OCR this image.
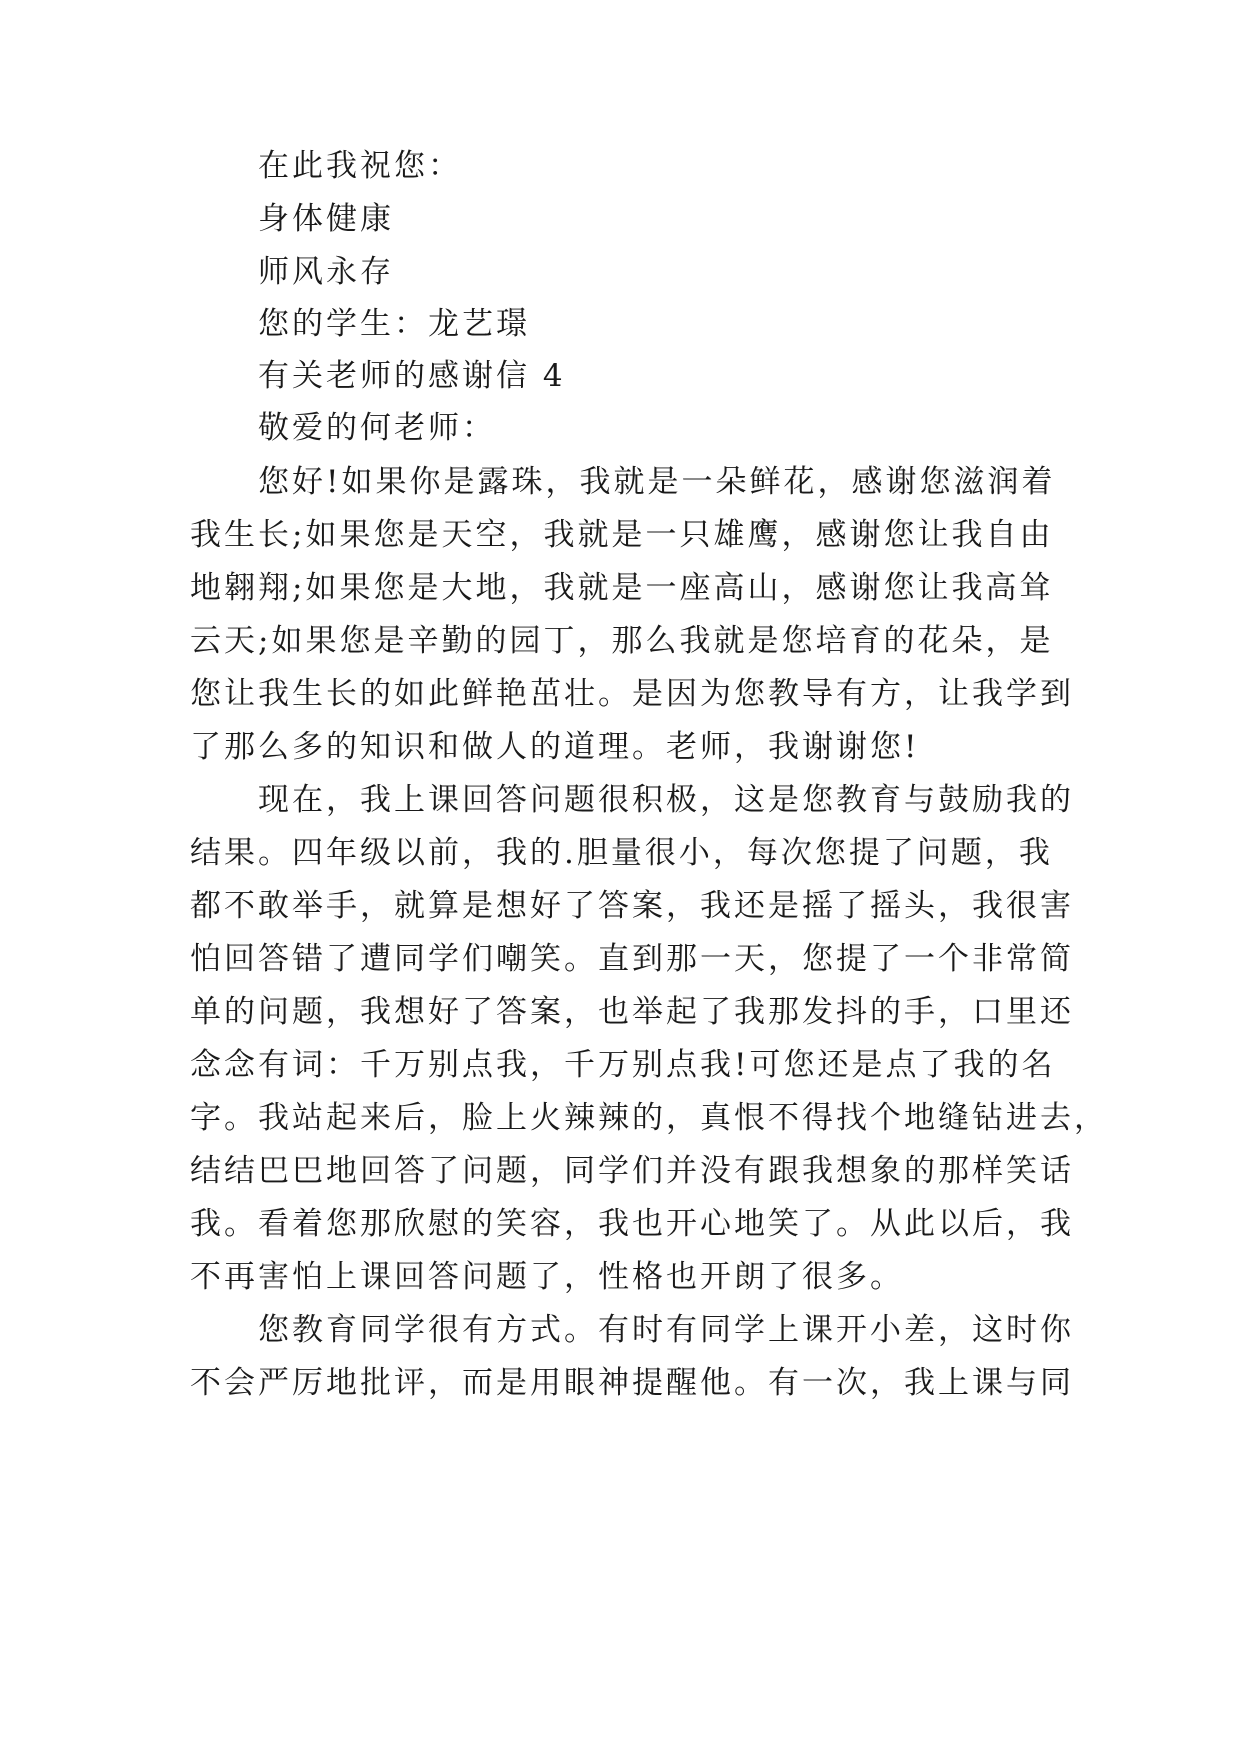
在此我祝您：
身体健康
师风永存
您的学生：龙艺璟
有关老师的感谢信 4
敬爱的何老师：
您好!如果你是露珠，我就是一朵鲜花，感谢您滋润着
我生长;如果您是天空，我就是一只雄鹰，感谢您让我自由
地翱翔;如果您是大地，我就是一座高山，感谢您让我高耸
云天;如果您是辛勤的园丁，那么我就是您培育的花朵，是
您让我生长的如此鲜艳茁壮。是因为您教导有方，让我学到
了那么多的知识和做人的道理。老师，我谢谢您!
现在，我上课回答问题很积极，这是您教育与鼓励我的
结果。四年级以前，我的.胆量很小，每次您提了问题，我
都不敢举手，就算是想好了答案，我还是摇了摇头，我很害
怕回答错了遭同学们嘲笑。直到那一天，您提了一个非常简
单的问题，我想好了答案，也举起了我那发抖的手，口里还
念念有词：千万别点我，千万别点我!可您还是点了我的名
字。我站起来后，脸上火辣辣的，真恨不得找个地缝钻进去，
结结巴巴地回答了问题，同学们并没有跟我想象的那样笑话
我。看着您那欣慰的笑容，我也开心地笑了。从此以后，我
不再害怕上课回答问题了，性格也开朗了很多。
您教育同学很有方式。有时有同学上课开小差，这时你
不会严厉地批评，而是用眼神提醒他。有一次，我上课与同
